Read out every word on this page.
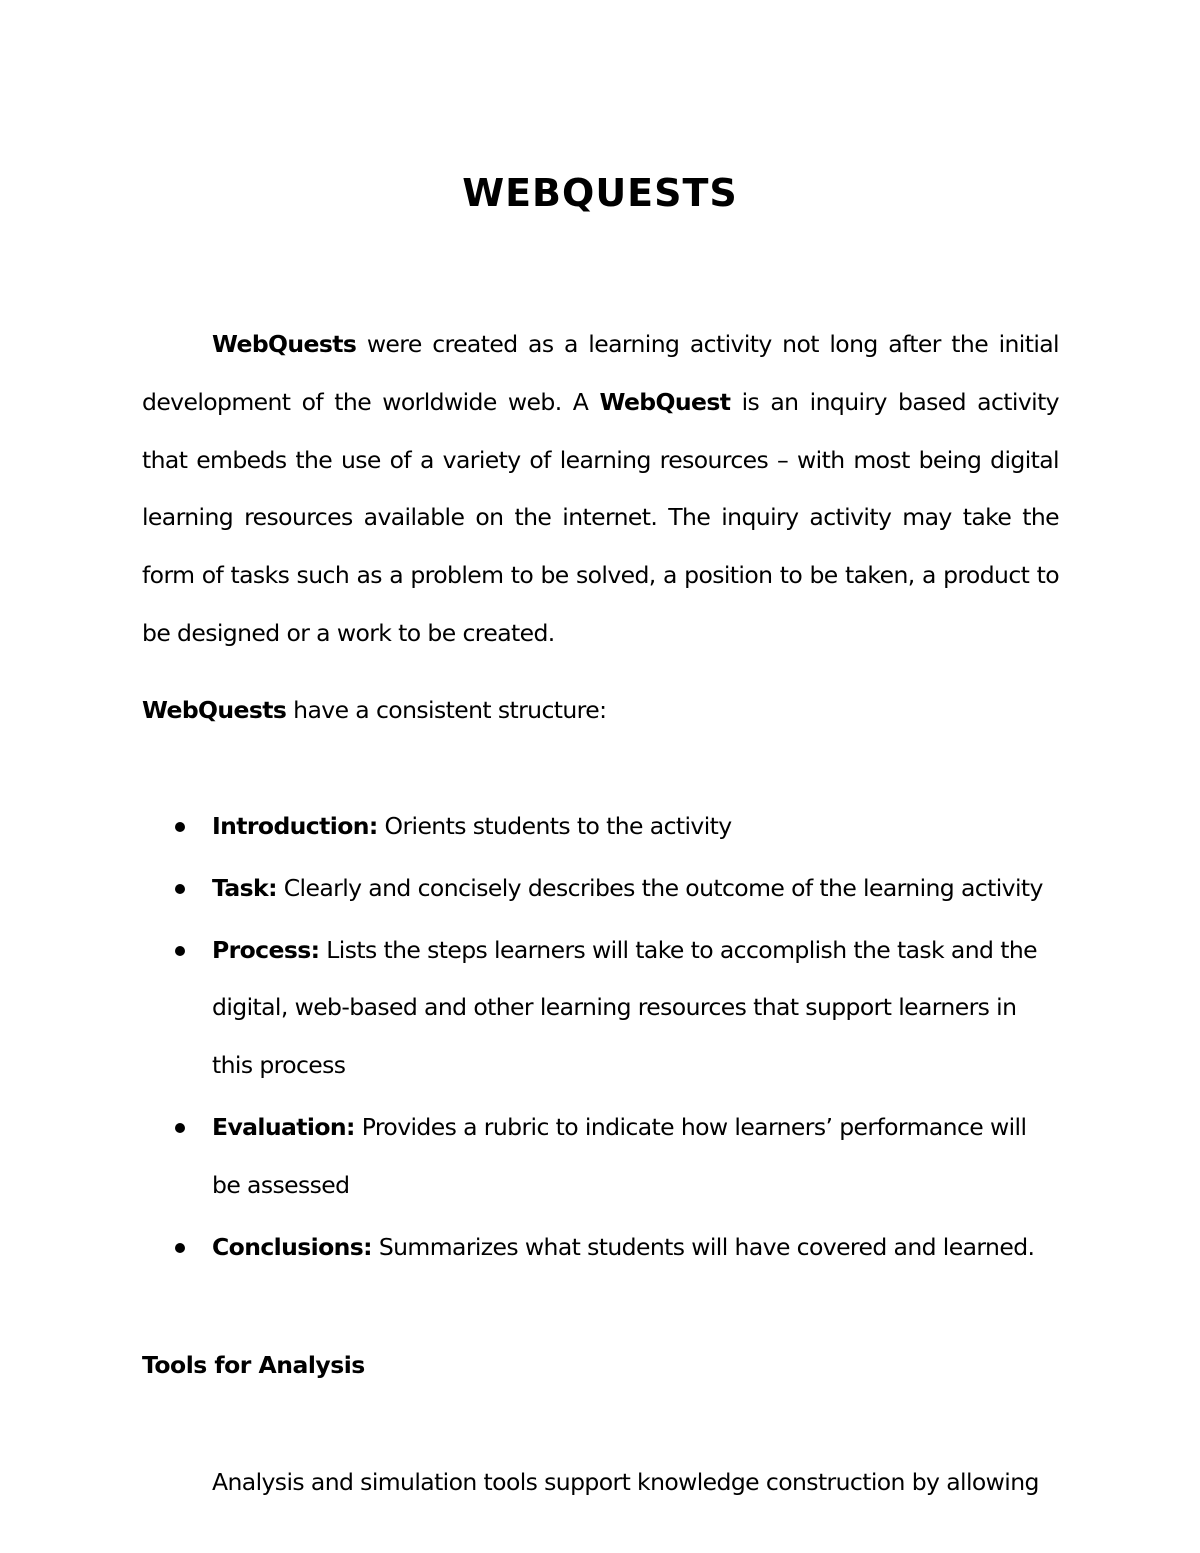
WEBQUESTS

WebQuests were created as a learning activity not long after the initial development of the worldwide web. A WebQuest is an inquiry based activity that embeds the use of a variety of learning resources – with most being digital learning resources available on the internet. The inquiry activity may take the form of tasks such as a problem to be solved, a position to be taken, a product to be designed or a work to be created.

WebQuests have a consistent structure:

Introduction: Orients students to the activity
Task: Clearly and concisely describes the outcome of the learning activity
Process: Lists the steps learners will take to accomplish the task and the digital, web-based and other learning resources that support learners in this process
Evaluation: Provides a rubric to indicate how learners’ performance will be assessed
Conclusions: Summarizes what students will have covered and learned.
Tools for Analysis

Analysis and simulation tools support knowledge construction by allowing
